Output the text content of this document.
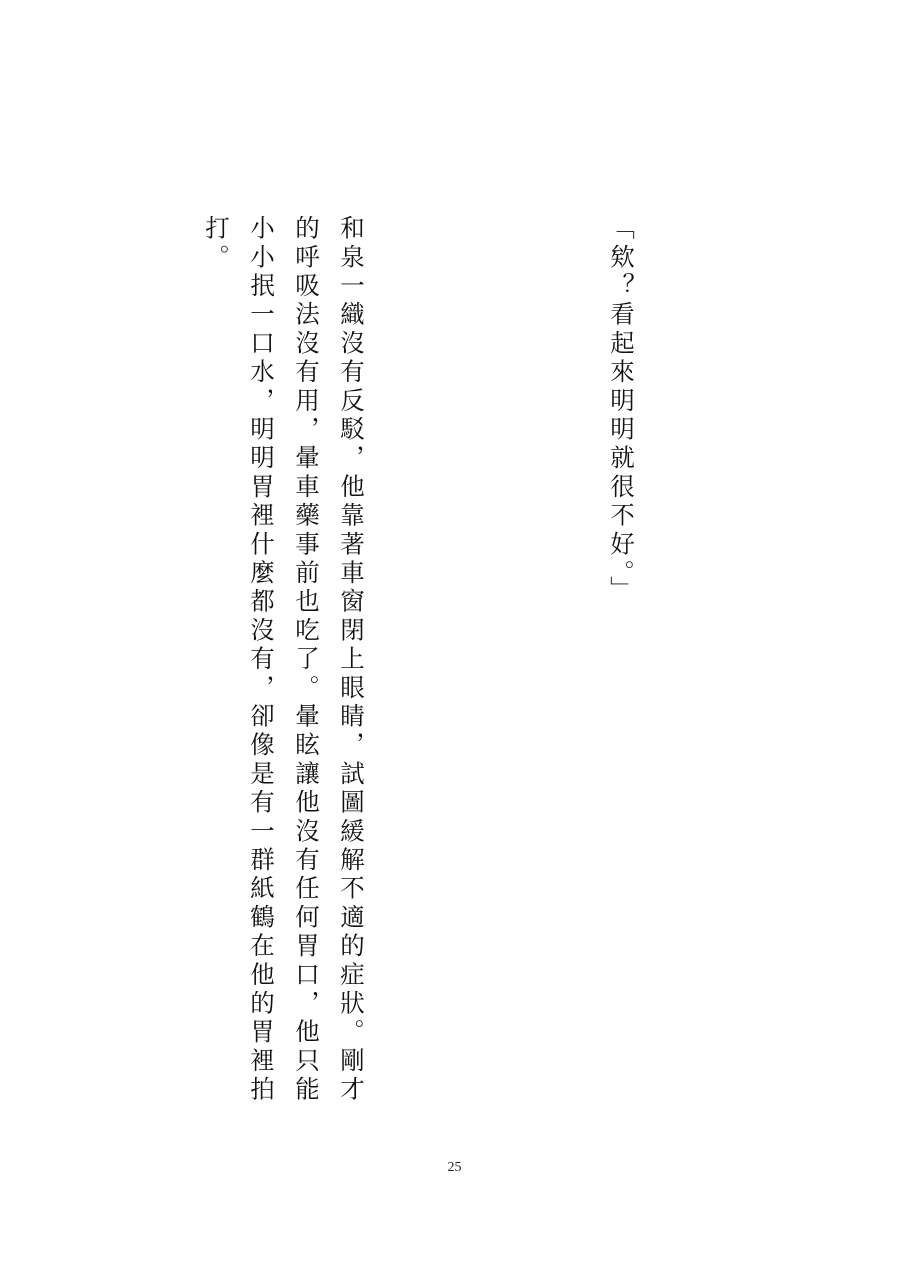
「欸？看起來明明就很不好。」

和泉一織沒有反駁，他靠著車窗閉上眼睛，試圖緩解不適的症狀。剛才的呼吸法沒有用，暈車藥事前也吃了。暈眩讓他沒有任何胃口，他只能小小抿一口水，明明胃裡什麼都沒有，卻像是有一群紙鶴在他的胃裡拍打。

25
